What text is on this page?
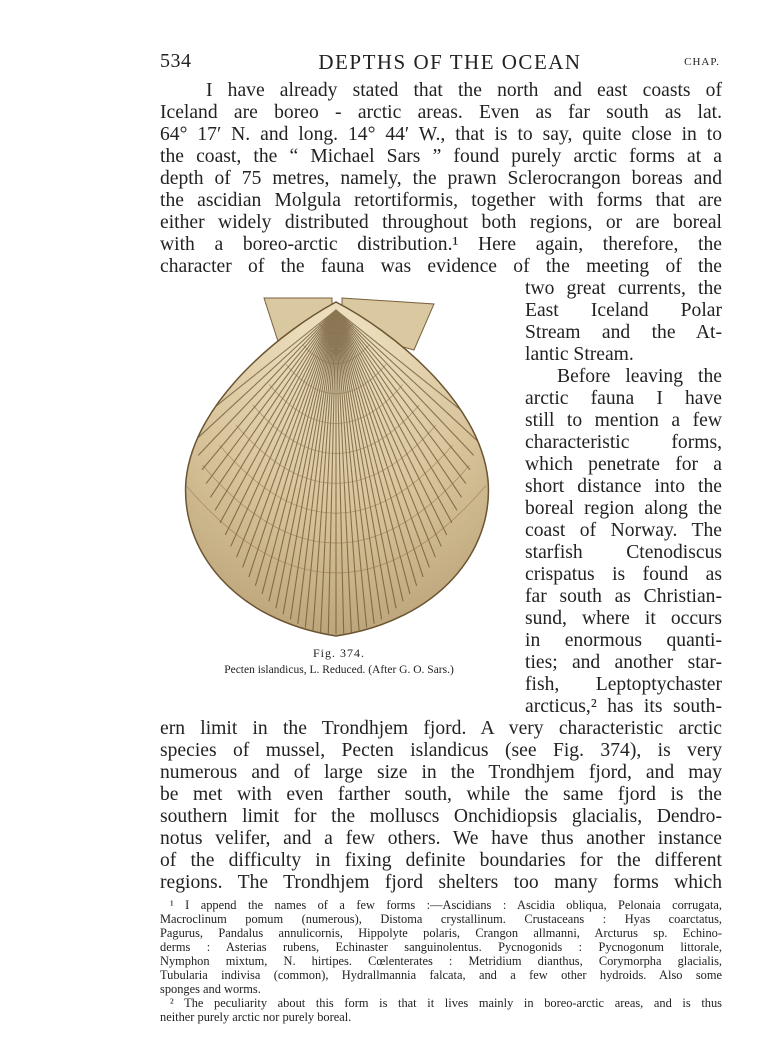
534	DEPTHS OF THE OCEAN	CHAP.
I have already stated that the north and east coasts of
Iceland are boreo - arctic areas. Even as far south as lat.
64° 17′ N. and long. 14° 44′ W., that is to say, quite close in to
the coast, the “ Michael Sars ” found purely arctic forms at a
depth of 75 metres, namely, the prawn Sclerocrangon boreas and
the ascidian Molgula retortiformis, together with forms that are
either widely distributed throughout both regions, or are boreal
with a boreo-arctic distribution.¹ Here again, therefore, the
character of the fauna was evidence of the meeting of the
Fig. 374.
Pecten islandicus, L. Reduced. (After G. O. Sars.)
two great currents, the
East Iceland Polar
Stream and the At-
lantic Stream.
Before leaving the
arctic fauna I have
still to mention a few
characteristic forms,
which penetrate for a
short distance into the
boreal region along the
coast of Norway. The
starfish Ctenodiscus
crispatus is found as
far south as Christian-
sund, where it occurs
in enormous quanti-
ties; and another star-
fish, Leptoptychaster
arcticus,² has its south-
ern limit in the Trondhjem fjord. A very characteristic arctic
species of mussel, Pecten islandicus (see Fig. 374), is very
numerous and of large size in the Trondhjem fjord, and may
be met with even farther south, while the same fjord is the
southern limit for the molluscs Onchidiopsis glacialis, Dendro-
notus velifer, and a few others. We have thus another instance
of the difficulty in fixing definite boundaries for the different
regions. The Trondhjem fjord shelters too many forms which
¹ I append the names of a few forms :—Ascidians : Ascidia obliqua, Pelonaia corrugata,
Macroclinum pomum (numerous), Distoma crystallinum. Crustaceans : Hyas coarctatus,
Pagurus, Pandalus annulicornis, Hippolyte polaris, Crangon allmanni, Arcturus sp. Echino-
derms : Asterias rubens, Echinaster sanguinolentus. Pycnogonids : Pycnogonum littorale,
Nymphon mixtum, N. hirtipes. Cœlenterates : Metridium dianthus, Corymorpha glacialis,
Tubularia indivisa (common), Hydrallmannia falcata, and a few other hydroids. Also some
sponges and worms.
² The peculiarity about this form is that it lives mainly in boreo-arctic areas, and is thus
neither purely arctic nor purely boreal.
